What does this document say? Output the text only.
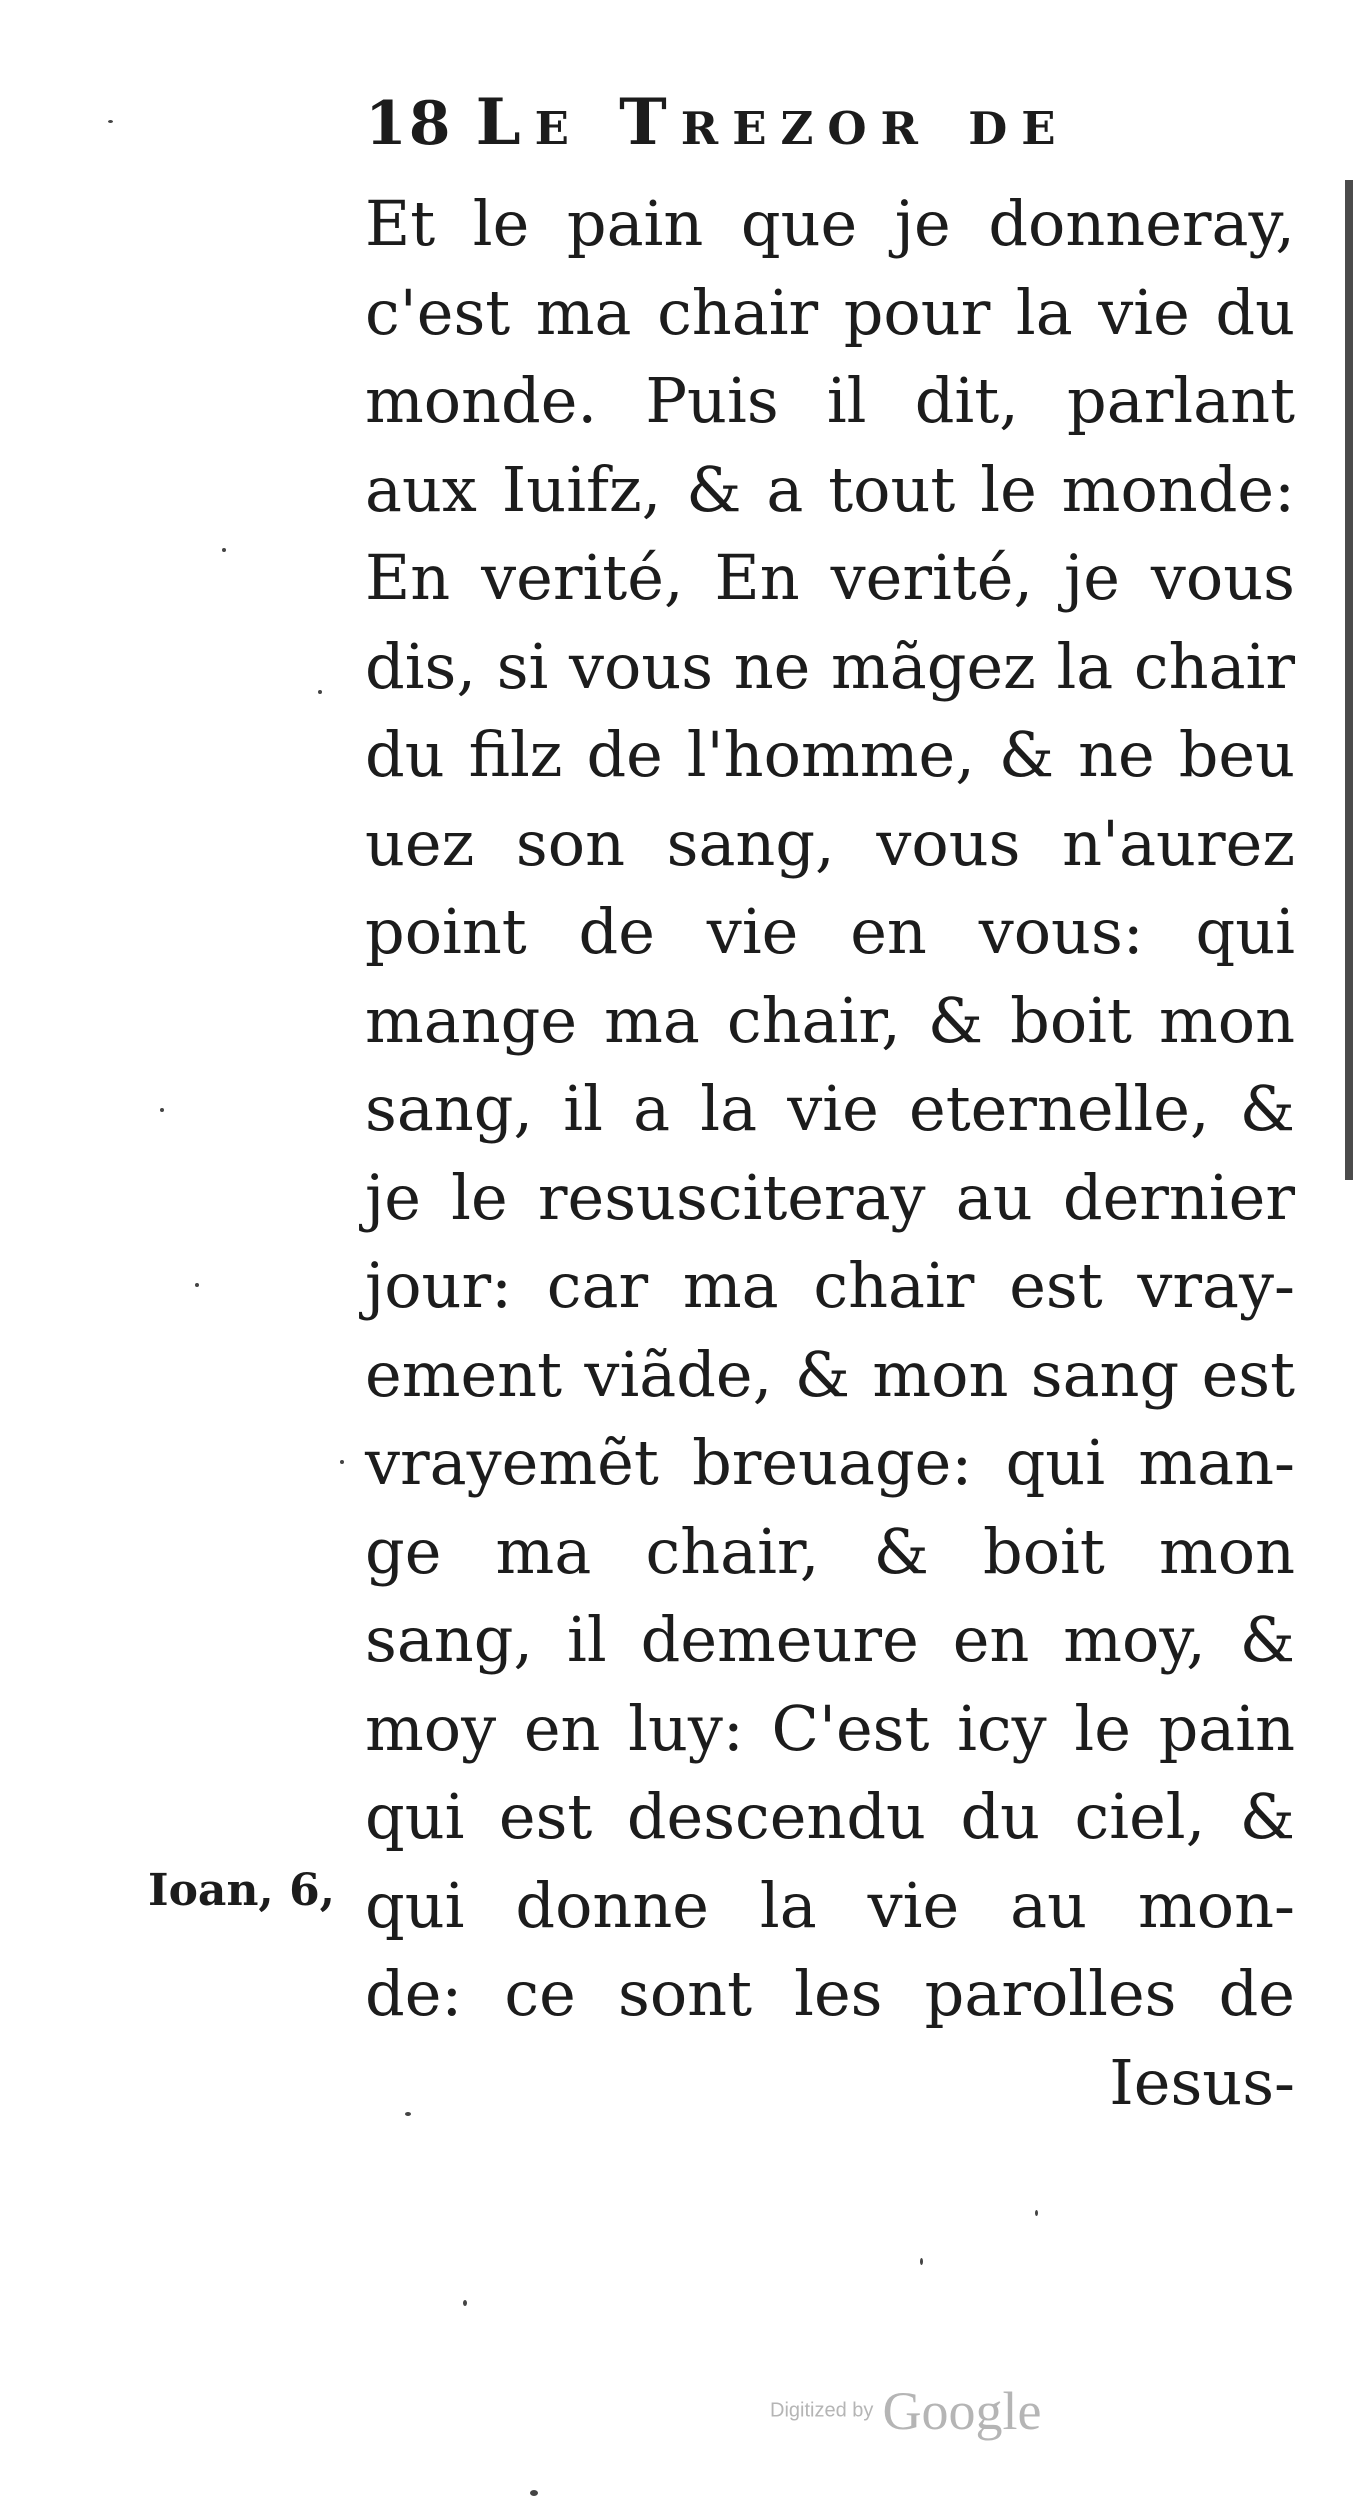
18 Le Trezor de
Et le pain que je donneray,
c'est ma chair pour la vie du
monde. Puis il dit, parlant
aux Iuifz, & a tout le monde:
En verité, En verité, je vous
dis, si vous ne mãgez la chair
du filz de l'homme, & ne beu
uez son sang, vous n'aurez
point de vie en vous: qui
mange ma chair, & boit mon
sang, il a la vie eternelle, &
je le resusciteray au dernier
jour: car ma chair est vray-
ement viãde, & mon sang est
vrayemẽt breuage: qui man-
ge ma chair, & boit mon
sang, il demeure en moy, &
moy en luy: C'est icy le pain
qui est descendu du ciel, &
qui donne la vie au mon-
de: ce sont les parolles de
Iesus-
Ioan, 6,
Digitized by Google
